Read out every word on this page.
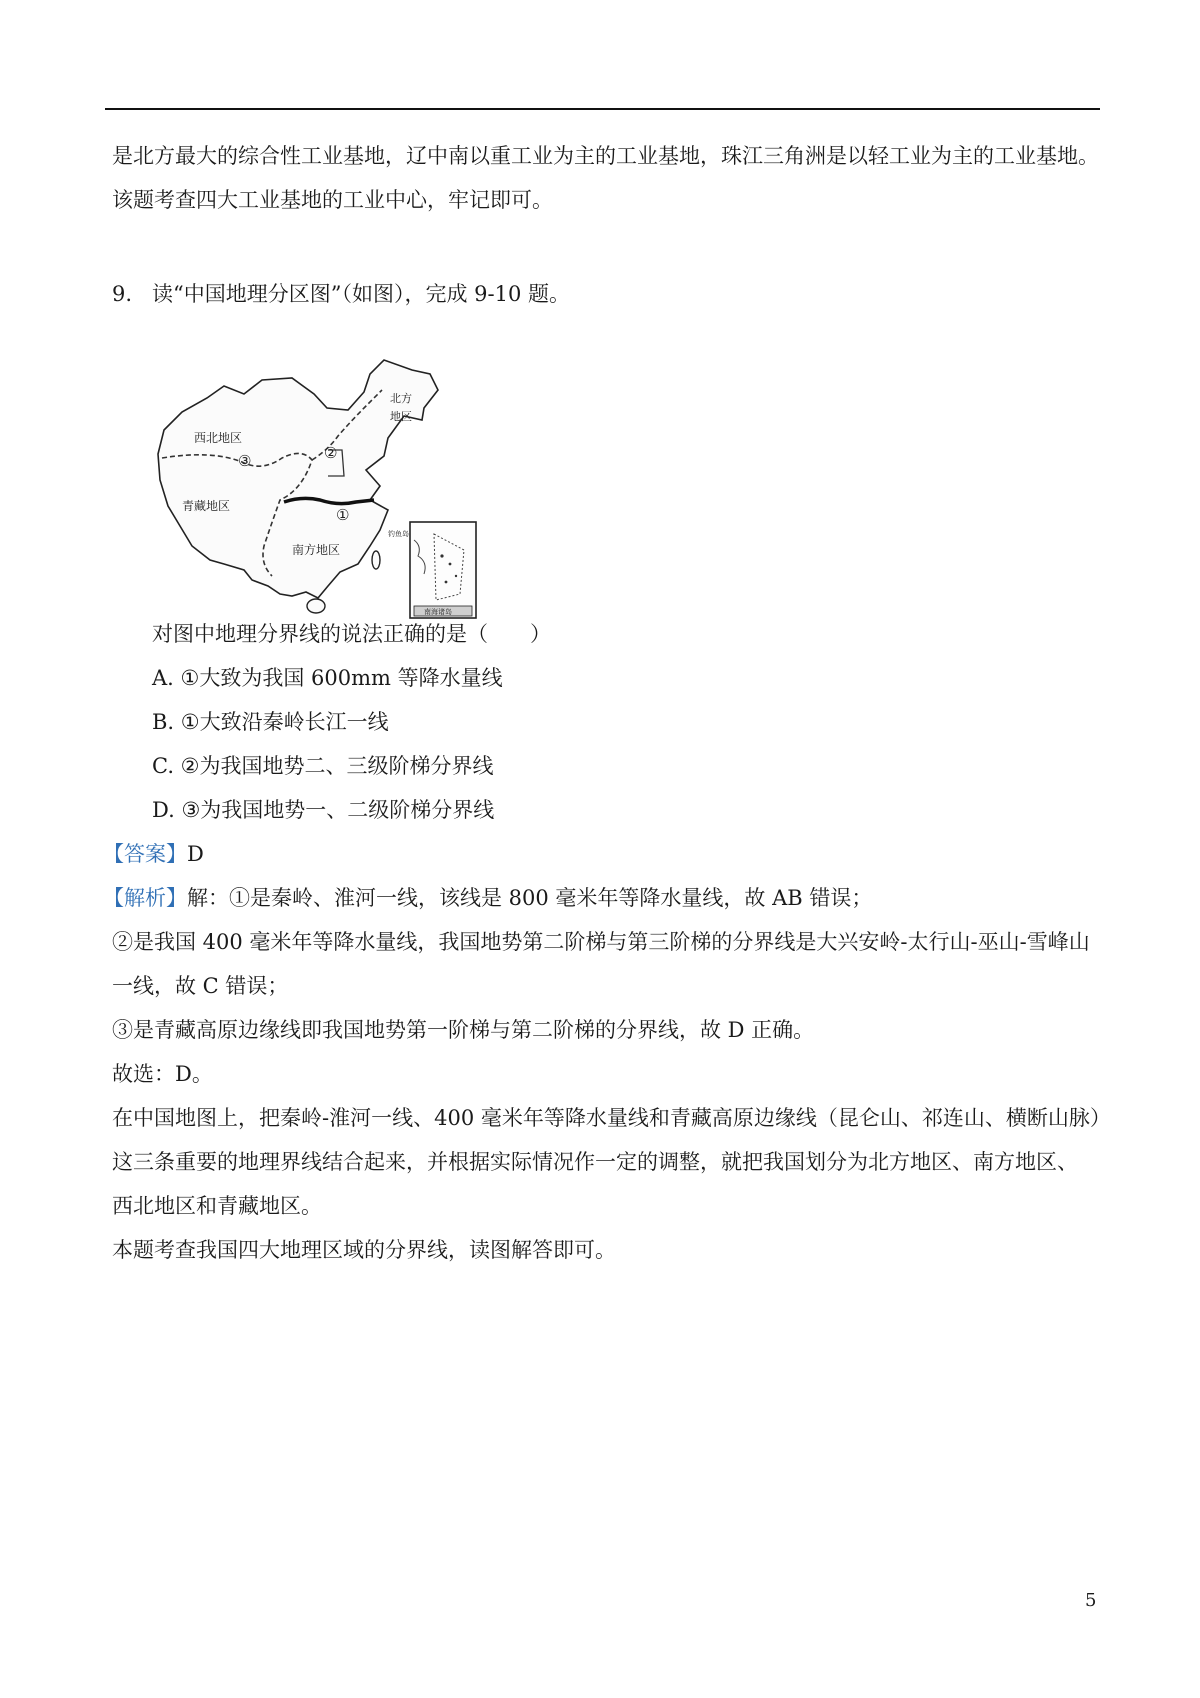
是北方最大的综合性工业基地，辽中南以重工业为主的工业基地，珠江三角洲是以轻工业为主的工业基地。
该题考查四大工业基地的工业中心，牢记即可。
9. 读“中国地理分区图”（如图），完成 9-10 题。
北方
地区
西北地区
青藏地区
南方地区
③	②
①
钓鱼岛
南海诸岛
对图中地理分界线的说法正确的是（　　）
A. ①大致为我国 600mm 等降水量线
B. ①大致沿秦岭长江一线
C. ②为我国地势二、三级阶梯分界线
D. ③为我国地势一、二级阶梯分界线
【答案】D
【解析】解：①是秦岭、淮河一线，该线是 800 毫米年等降水量线，故 AB 错误；
②是我国 400 毫米年等降水量线，我国地势第二阶梯与第三阶梯的分界线是大兴安岭-太行山-巫山-雪峰山
一线，故 C 错误；
③是青藏高原边缘线即我国地势第一阶梯与第二阶梯的分界线，故 D 正确。
故选：D。
在中国地图上，把秦岭-淮河一线、400 毫米年等降水量线和青藏高原边缘线（昆仑山、祁连山、横断山脉）
这三条重要的地理界线结合起来，并根据实际情况作一定的调整，就把我国划分为北方地区、南方地区、
西北地区和青藏地区。
本题考查我国四大地理区域的分界线，读图解答即可。
5
